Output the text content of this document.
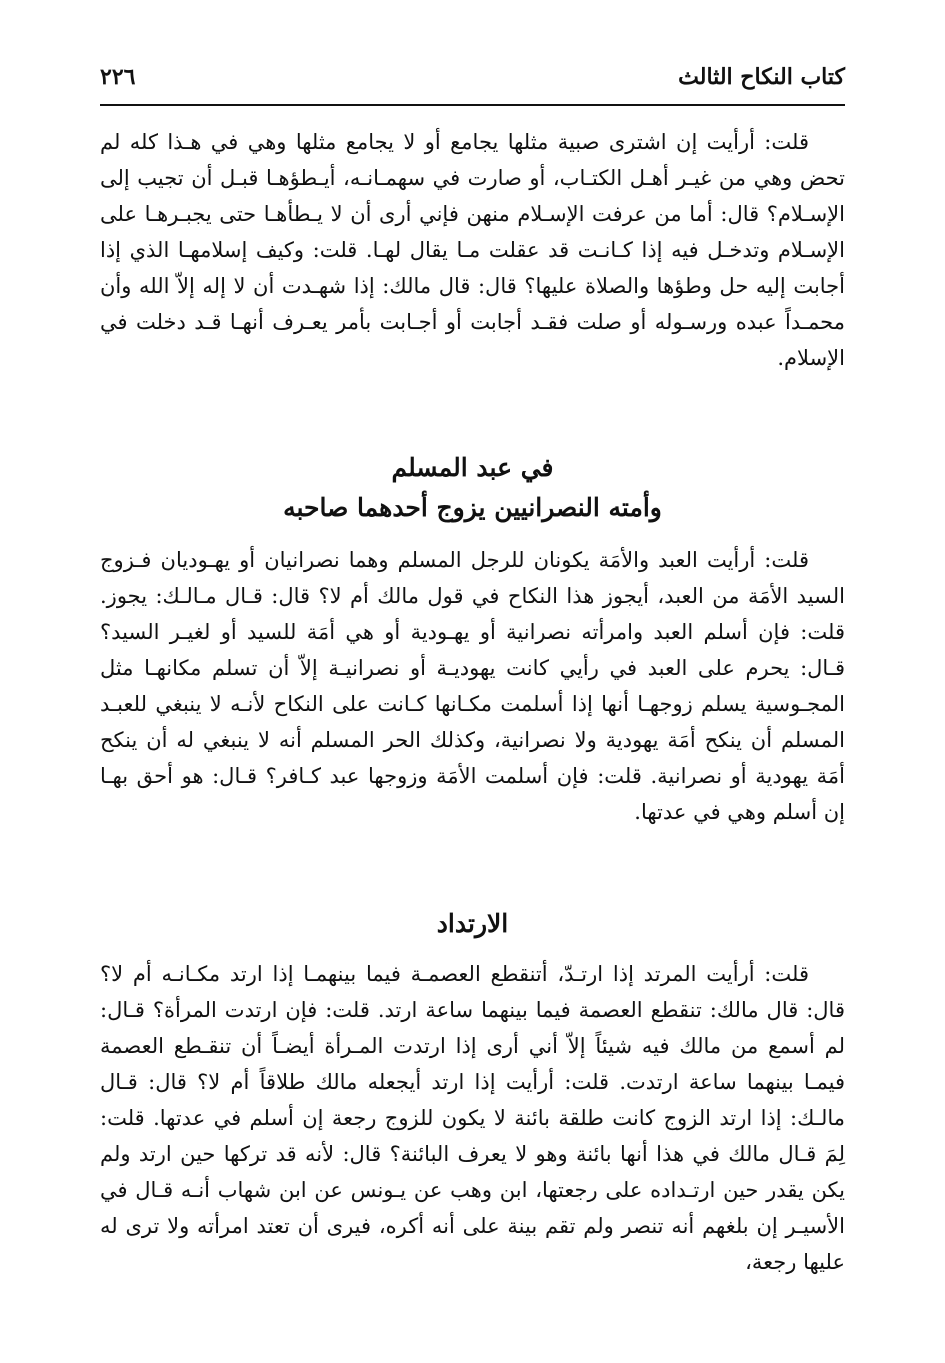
كتاب النكاح الثالث
٢٢٦

قلت: أرأيت إن اشترى صبية مثلها يجامع أو لا يجامع مثلها وهي في هـذا كله لم تحض وهي من غيـر أهـل الكتـاب، أو صارت في سهمـانـه، أيـطؤهـا قبـل أن تجيب إلى الإسـلام؟ قال: أما من عرفت الإسـلام منهن فإني أرى أن لا يـطأهـا حتى يجبـرهـا على الإسـلام وتدخـل فيه إذا كـانـت قد عقلت مـا يقال لهـا. قلت: وكيف إسلامهـا الذي إذا أجابت إليه حل وطؤها والصلاة عليها؟ قال: قال مالك: إذا شهـدت أن لا إله إلاّ الله وأن محمـداً عبده ورسـوله أو صلت فقـد أجابت أو أجـابت بأمر يعـرف أنهـا قـد دخلت في الإسلام.

في عبد المسلم
وأمته النصرانيين يزوج أحدهما صاحبه

قلت: أرأيت العبد والأمَة يكونان للرجل المسلم وهما نصرانيان أو يهـوديان فـزوج السيد الأمَة من العبد، أيجوز هذا النكاح في قول مالك أم لا؟ قال: قـال مـالـك: يجوز. قلت: فإن أسلم العبد وامرأته نصرانية أو يهـودية أو هي أمَة للسيد أو لغيـر السيد؟ قـال: يحرم على العبد في رأيي كانت يهوديـة أو نصرانيـة إلاّ أن تسلم مكانهـا مثل المجـوسية يسلم زوجهـا أنها إذا أسلمت مكـانها كـانت على النكاح لأنـه لا ينبغي للعبـد المسلم أن ينكح أمَة يهودية ولا نصرانية، وكذلك الحر المسلم أنه لا ينبغي له أن ينكح أمَة يهودية أو نصرانية. قلت: فإن أسلمت الأمَة وزوجها عبد كـافر؟ قـال: هو أحق بهـا إن أسلم وهي في عدتها.

الارتداد

قلت: أرأيت المرتد إذا ارتـدّ، أتنقطع العصمـة فيما بينهمـا إذا ارتد مكـانـه أم لا؟ قال: قال مالك: تنقطع العصمة فيما بينهما ساعة ارتد. قلت: فإن ارتدت المرأة؟ قـال: لم أسمع من مالك فيه شيئاً إلاّ أني أرى إذا ارتدت المـرأة أيضـاً أن تنقـطع العصمة فيمـا بينهما ساعة ارتدت. قلت: أرأيت إذا ارتد أيجعله مالك طلاقاً أم لا؟ قال: قـال مالـك: إذا ارتد الزوج كانت طلقة بائنة لا يكون للزوج رجعة إن أسلم في عدتها. قلت: لِمَ قـال مالك في هذا أنها بائنة وهو لا يعرف البائنة؟ قال: لأنه قد تركها حين ارتد ولم يكن يقدر حين ارتـداده على رجعتها، ابن وهب عن يـونس عن ابن شهاب أنـه قـال في الأسيـر إن بلغهم أنه تنصر ولم تقم بينة على أنه أكره، فيرى أن تعتد امرأته ولا ترى له عليها رجعة،
